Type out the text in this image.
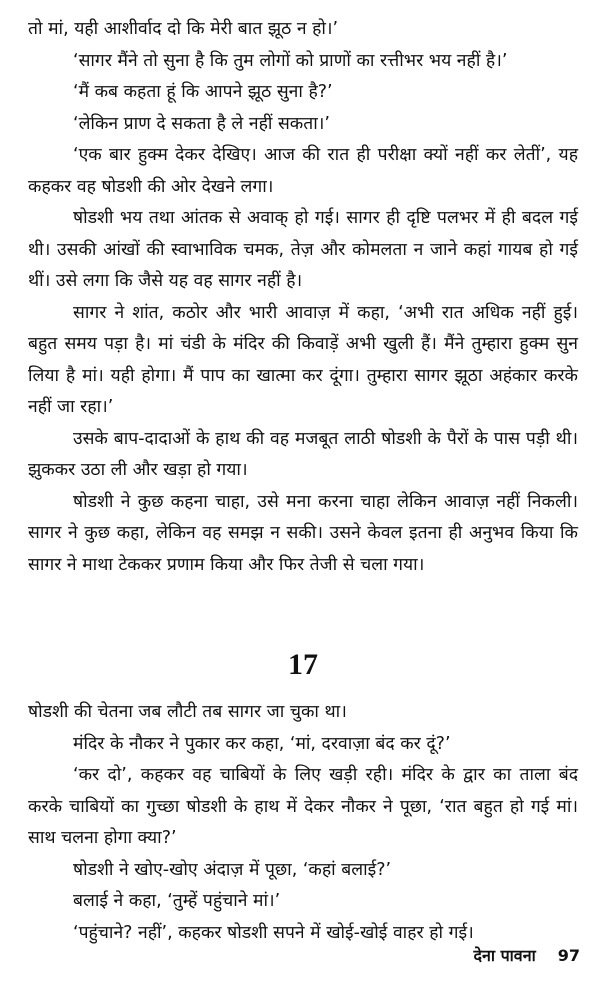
तो मां, यही आशीर्वाद दो कि मेरी बात झूठ न हो।’

‘सागर मैंने तो सुना है कि तुम लोगों को प्राणों का रत्तीभर भय नहीं है।’

‘मैं कब कहता हूं कि आपने झूठ सुना है?’

‘लेकिन प्राण दे सकता है ले नहीं सकता।’

‘एक बार हुक्म देकर देखिए। आज की रात ही परीक्षा क्यों नहीं कर लेतीं’, यह कहकर वह षोडशी की ओर देखने लगा।

षोडशी भय तथा आंतक से अवाक् हो गई। सागर ही दृष्टि पलभर में ही बदल गई थी। उसकी आंखों की स्वाभाविक चमक, तेज़ और कोमलता न जाने कहां गायब हो गई थीं। उसे लगा कि जैसे यह वह सागर नहीं है।

सागर ने शांत, कठोर और भारी आवाज़ में कहा, ‘अभी रात अधिक नहीं हुई। बहुत समय पड़ा है। मां चंडी के मंदिर की किवाड़ें अभी खुली हैं। मैंने तुम्हारा हुक्म सुन लिया है मां। यही होगा। मैं पाप का खात्मा कर दूंगा। तुम्हारा सागर झूठा अहंकार करके नहीं जा रहा।’

उसके बाप-दादाओं के हाथ की वह मजबूत लाठी षोडशी के पैरों के पास पड़ी थी। झुककर उठा ली और खड़ा हो गया।

षोडशी ने कुछ कहना चाहा, उसे मना करना चाहा लेकिन आवाज़ नहीं निकली। सागर ने कुछ कहा, लेकिन वह समझ न सकी। उसने केवल इतना ही अनुभव किया कि सागर ने माथा टेककर प्रणाम किया और फिर तेजी से चला गया।

17

षोडशी की चेतना जब लौटी तब सागर जा चुका था।

मंदिर के नौकर ने पुकार कर कहा, ‘मां, दरवाज़ा बंद कर दूं?’

‘कर दो’, कहकर वह चाबियों के लिए खड़ी रही। मंदिर के द्वार का ताला बंद करके चाबियों का गुच्छा षोडशी के हाथ में देकर नौकर ने पूछा, ‘रात बहुत हो गई मां। साथ चलना होगा क्या?’

षोडशी ने खोए-खोए अंदाज़ में पूछा, ‘कहां बलाई?’

बलाई ने कहा, ‘तुम्हें पहुंचाने मां।’

‘पहुंचाने? नहीं’, कहकर षोडशी सपने में खोई-खोई वाहर हो गई।

देना पावना 97
